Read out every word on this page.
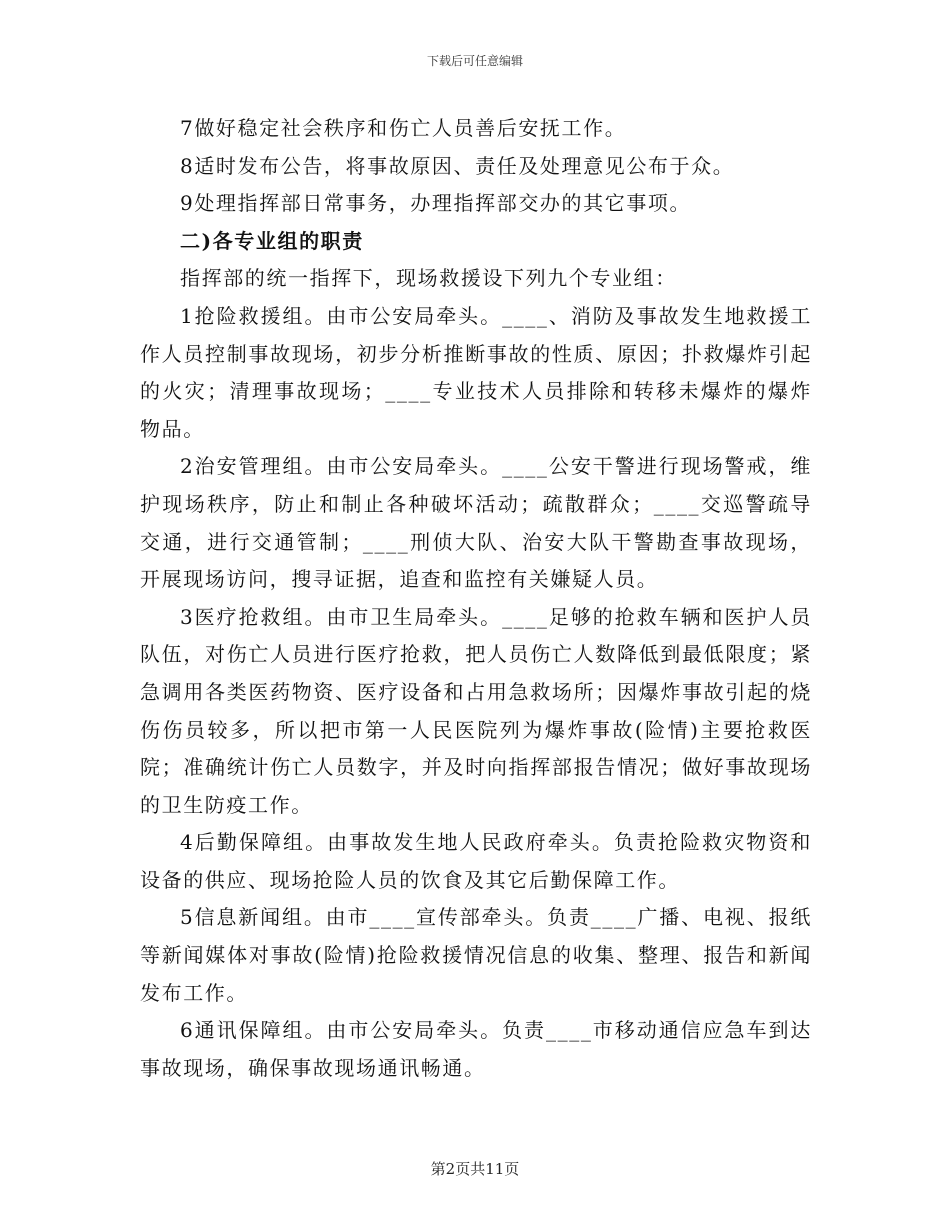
下载后可任意编辑

7做好稳定社会秩序和伤亡人员善后安抚工作。

8适时发布公告，将事故原因、责任及处理意见公布于众。

9处理指挥部日常事务，办理指挥部交办的其它事项。

二)各专业组的职责

指挥部的统一指挥下，现场救援设下列九个专业组：

1抢险救援组。由市公安局牵头。____、消防及事故发生地救援工作人员控制事故现场，初步分析推断事故的性质、原因；扑救爆炸引起的火灾；清理事故现场；____专业技术人员排除和转移未爆炸的爆炸物品。

2治安管理组。由市公安局牵头。____公安干警进行现场警戒，维护现场秩序，防止和制止各种破坏活动；疏散群众；____交巡警疏导交通，进行交通管制；____刑侦大队、治安大队干警勘查事故现场，开展现场访问，搜寻证据，追查和监控有关嫌疑人员。

3医疗抢救组。由市卫生局牵头。____足够的抢救车辆和医护人员队伍，对伤亡人员进行医疗抢救，把人员伤亡人数降低到最低限度；紧急调用各类医药物资、医疗设备和占用急救场所；因爆炸事故引起的烧伤伤员较多，所以把市第一人民医院列为爆炸事故(险情)主要抢救医院；准确统计伤亡人员数字，并及时向指挥部报告情况；做好事故现场的卫生防疫工作。

4后勤保障组。由事故发生地人民政府牵头。负责抢险救灾物资和设备的供应、现场抢险人员的饮食及其它后勤保障工作。

5信息新闻组。由市____宣传部牵头。负责____广播、电视、报纸等新闻媒体对事故(险情)抢险救援情况信息的收集、整理、报告和新闻发布工作。

6通讯保障组。由市公安局牵头。负责____市移动通信应急车到达事故现场，确保事故现场通讯畅通。

第2页共11页
